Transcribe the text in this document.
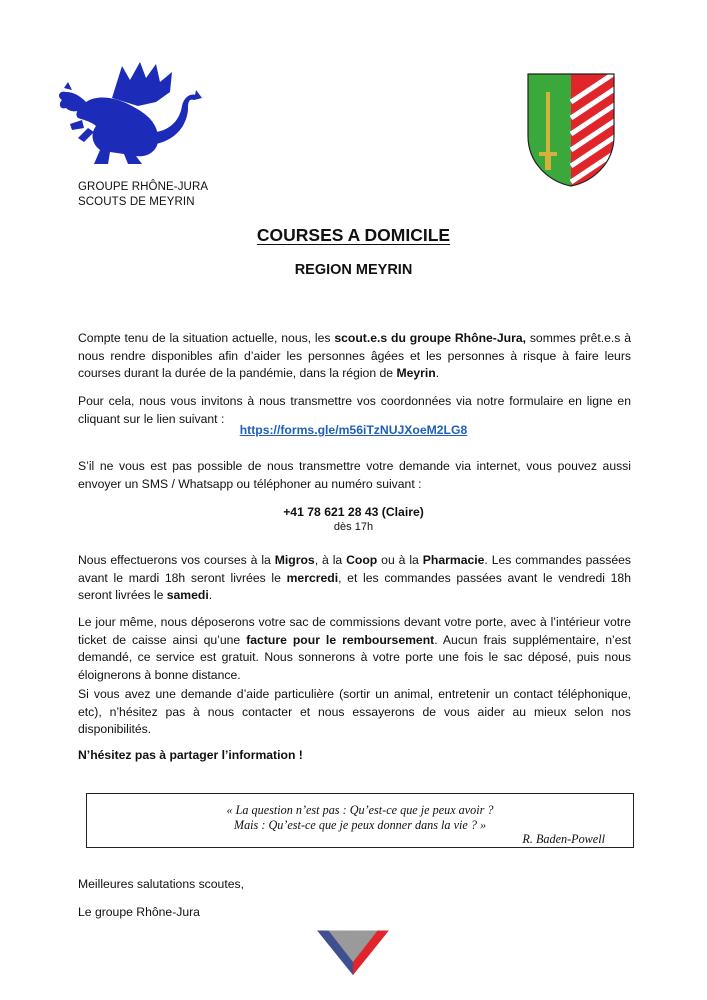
GROUPE RHÔNE-JURA
SCOUTS DE MEYRIN
COURSES A DOMICILE
REGION MEYRIN

Compte tenu de la situation actuelle, nous, les scout.e.s du groupe Rhône-Jura, sommes prêt.e.s à nous rendre disponibles afin d’aider les personnes âgées et les personnes à risque à faire leurs courses durant la durée de la pandémie, dans la région de Meyrin.

Pour cela, nous vous invitons à nous transmettre vos coordonnées via notre formulaire en ligne en cliquant sur le lien suivant :

https://forms.gle/m56iTzNUJXoeM2LG8

S’il ne vous est pas possible de nous transmettre votre demande via internet, vous pouvez aussi envoyer un SMS / Whatsapp ou téléphoner au numéro suivant :

+41 78 621 28 43 (Claire)
dès 17h

Nous effectuerons vos courses à la Migros, à la Coop ou à la Pharmacie. Les commandes passées avant le mardi 18h seront livrées le mercredi, et les commandes passées avant le vendredi 18h seront livrées le samedi.

Le jour même, nous déposerons votre sac de commissions devant votre porte, avec à l’intérieur votre ticket de caisse ainsi qu’une facture pour le remboursement. Aucun frais supplémentaire, n’est demandé, ce service est gratuit. Nous sonnerons à votre porte une fois le sac déposé, puis nous éloignerons à bonne distance.

Si vous avez une demande d’aide particulière (sortir un animal, entretenir un contact téléphonique, etc), n’hésitez pas à nous contacter et nous essayerons de vous aider au mieux selon nos disponibilités.

N’hésitez pas à partager l’information !
« La question n’est pas : Qu’est-ce que je peux avoir ?
Mais : Qu’est-ce que je peux donner dans la vie ? »
R. Baden-Powell
Meilleures salutations scoutes,
Le groupe Rhône-Jura
